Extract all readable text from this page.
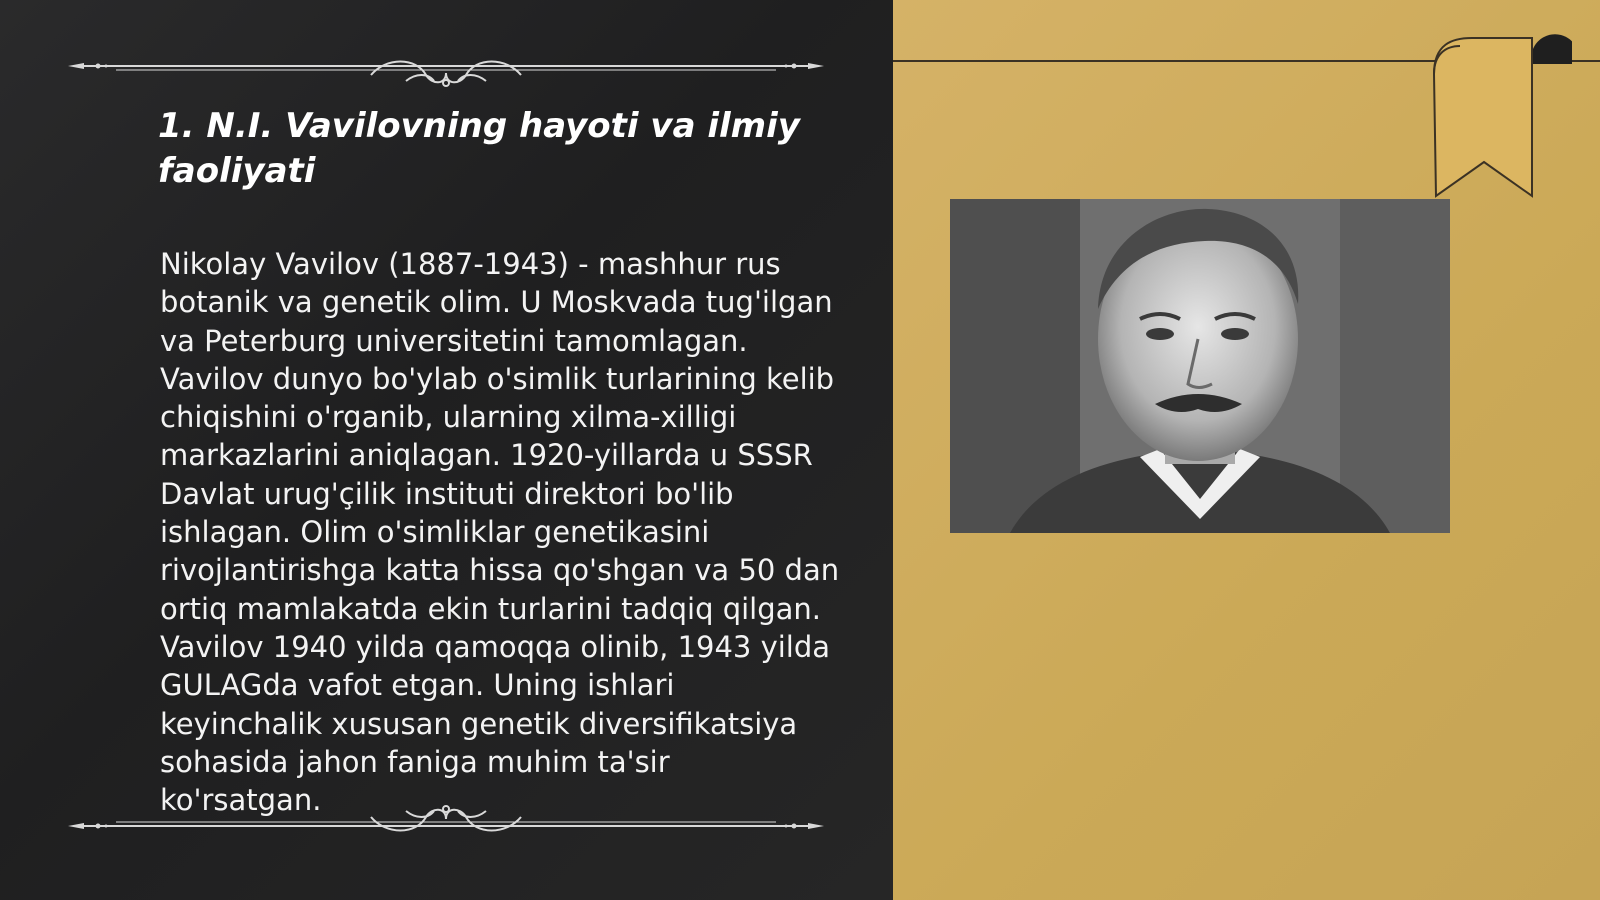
1. N.I. Vavilovning hayoti va ilmiy faoliyati

Nikolay Vavilov (1887-1943) - mashhur rus botanik va genetik olim. U Moskvada tug'ilgan va Peterburg universitetini tamomlagan. Vavilov dunyo bo'ylab o'simlik turlarining kelib chiqishini o'rganib, ularning xilma-xilligi markazlarini aniqlagan. 1920-yillarda u SSSR Davlat urug'çilik instituti direktori bo'lib ishlagan. Olim o'simliklar genetikasini rivojlantirishga katta hissa qo'shgan va 50 dan ortiq mamlakatda ekin turlarini tadqiq qilgan. Vavilov 1940 yilda qamoqqa olinib, 1943 yilda GULAGda vafot etgan. Uning ishlari keyinchalik xususan genetik diversifikatsiya sohasida jahon faniga muhim ta'sir ko'rsatgan.
